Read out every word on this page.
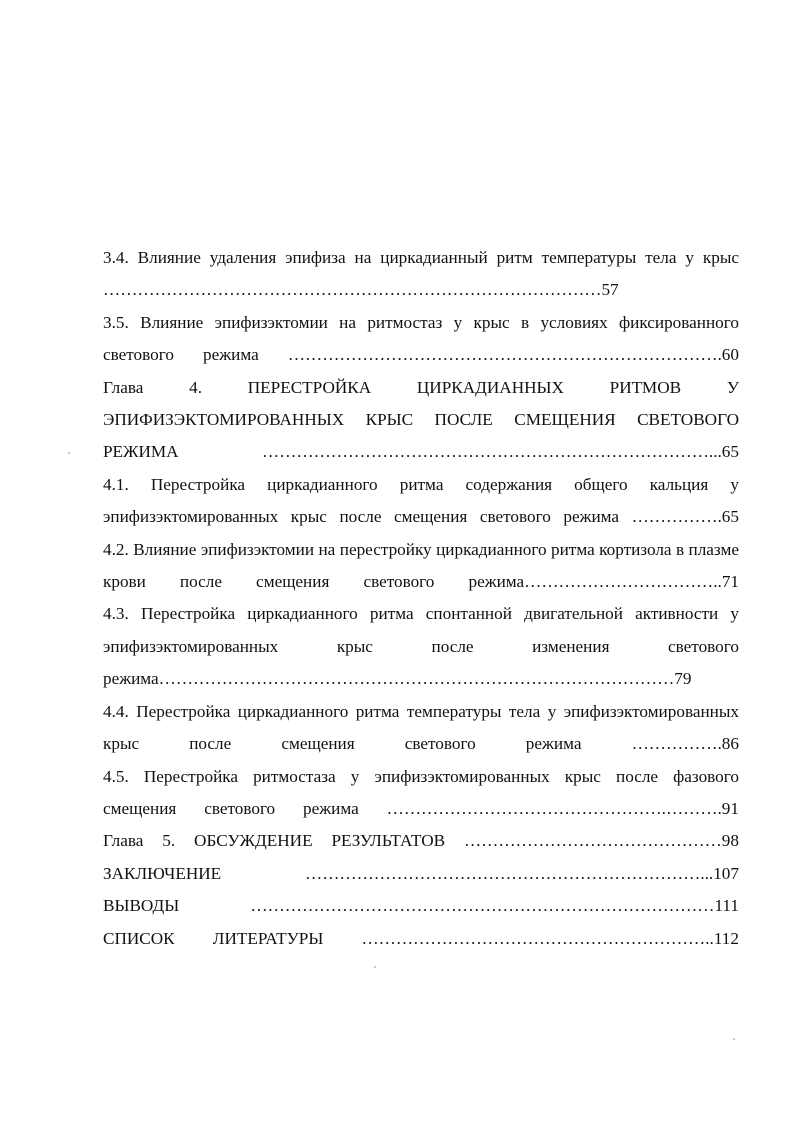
3.4. Влияние удаления эпифиза на циркадианный ритм температуры тела у крыс ……………………………………………………………………………57

3.5. Влияние эпифизэктомии на ритмостаз у крыс в условиях фиксированного светового режима ………………………………………………………………….60

Глава 4. ПЕРЕСТРОЙКА ЦИРКАДИАННЫХ РИТМОВ У ЭПИФИЗЭКТОМИРОВАННЫХ КРЫС ПОСЛЕ СМЕЩЕНИЯ СВЕТОВОГО РЕЖИМА ……………………………………………………………………...65

4.1. Перестройка циркадианного ритма содержания общего кальция у эпифизэктомированных крыс после смещения светового режима …………….65

4.2. Влияние эпифизэктомии на перестройку циркадианного ритма кортизола в плазме крови после смещения светового режима……………………………..71

4.3. Перестройка циркадианного ритма спонтанной двигательной активности у эпифизэктомированных крыс после изменения светового режима………………………………………………………………………………79

4.4. Перестройка циркадианного ритма температуры тела у эпифизэктомированных крыс после смещения светового режима …………….86

4.5. Перестройка ритмостаза у эпифизэктомированных крыс после фазового смещения светового режима ………………………………………….……….91

Глава 5. ОБСУЖДЕНИЕ РЕЗУЛЬТАТОВ ………………………………………98

ЗАКЛЮЧЕНИЕ ……………………………………………………………...107

ВЫВОДЫ ………………………………………………………………………111

СПИСОК ЛИТЕРАТУРЫ ……………………………………………………..112
